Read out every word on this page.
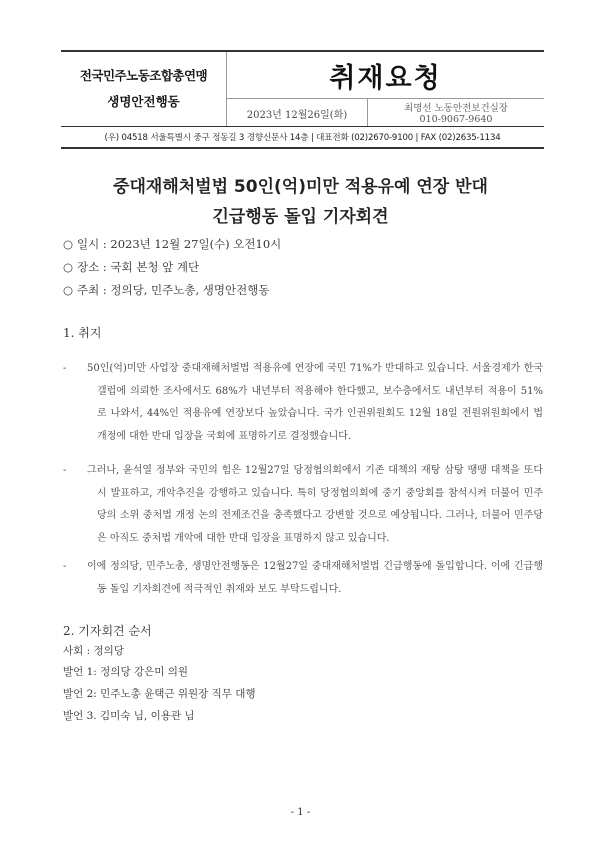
전국민주노동조합총연맹
생명안전행동
취재요청
2023년 12월26일(화)
최명선 노동안전보건실장
010-9067-9640
(우) 04518 서울특별시 중구 정동길 3 경향신문사 14층 | 대표전화 (02)2670-9100 | FAX (02)2635-1134
중대재해처벌법 50인(억)미만 적용유예 연장 반대
긴급행동 돌입 기자회견
○ 일시 : 2023년 12월 27일(수) 오전10시
○ 장소 : 국회 본청 앞 계단
○ 주최 : 정의당, 민주노총, 생명안전행동
1. 취지
- 50인(억)미만 사업장 중대재해처벌법 적용유예 연장에 국민 71%가 반대하고 있습니다. 서울경제가 한국갤럽에 의뢰한 조사에서도 68%가 내년부터 적용해야 한다했고, 보수층에서도 내년부터 적용이 51%로 나와서, 44%인 적용유예 연장보다 높았습니다. 국가 인권위원회도 12월 18일 전원위원회에서 법 개정에 대한 반대 입장을 국회에 표명하기로 결정했습니다.
- 그러나, 윤석열 정부와 국민의 힘은 12월27일 당정협의회에서 기존 대책의 재탕 삼탕 땡땡 대책을 또다시 발표하고, 개악추진을 강행하고 있습니다. 특히 당정협의회에 중기 중앙회를 참석시켜 더불어 민주당의 소위 중처법 개정 논의 전제조건을 충족했다고 강변할 것으로 예상됩니다. 그러나, 더불어 민주당은 아직도 중처법 개악에 대한 반대 입장을 표명하지 않고 있습니다.
- 이에 정의당, 민주노총, 생명안전행동은 12월27일 중대재해처벌법 긴급행동에 돌입합니다. 이에 긴급행동 돌입 기자회견에 적극적인 취재와 보도 부탁드립니다.
2. 기자회견 순서
사회 : 정의당
발언 1: 정의당 강은미 의원
발언 2: 민주노총 윤택근 위원장 직무 대행
발언 3. 김미숙 님, 이용관 님
- 1 -
